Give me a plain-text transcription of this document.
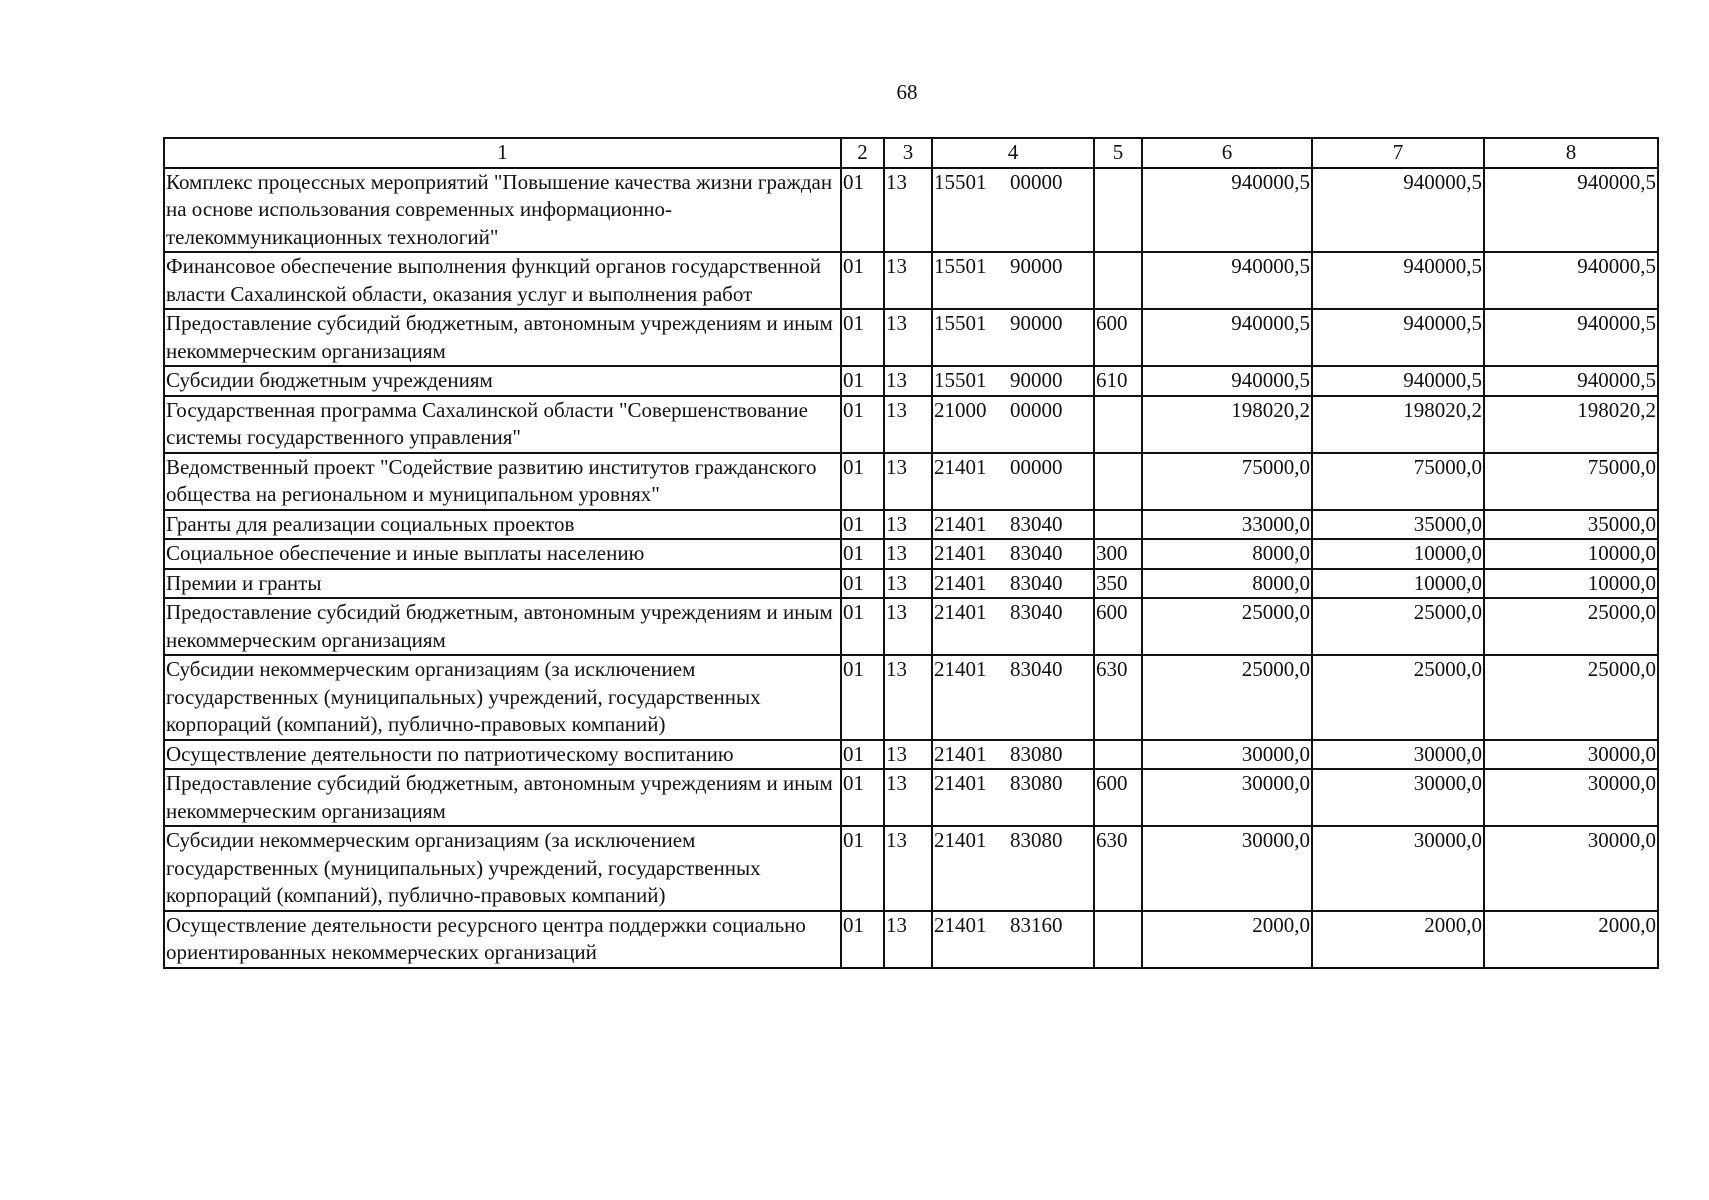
68
1	2	3	4	5	6	7	8
Комплекс процессных мероприятий "Повышение качества жизни граждан на основе использования современных информационно-телекоммуникационных технологий"	01	13	15501 00000		940000,5	940000,5	940000,5
Финансовое обеспечение выполнения функций органов государственной власти Сахалинской области, оказания услуг и выполнения работ	01	13	15501 90000		940000,5	940000,5	940000,5
Предоставление субсидий бюджетным, автономным учреждениям и иным некоммерческим организациям	01	13	15501 90000	600	940000,5	940000,5	940000,5
Субсидии бюджетным учреждениям	01	13	15501 90000	610	940000,5	940000,5	940000,5
Государственная программа Сахалинской области "Совершенствование системы государственного управления"	01	13	21000 00000		198020,2	198020,2	198020,2
Ведомственный проект "Содействие развитию институтов гражданского общества на региональном и муниципальном уровнях"	01	13	21401 00000		75000,0	75000,0	75000,0
Гранты для реализации социальных проектов	01	13	21401 83040		33000,0	35000,0	35000,0
Социальное обеспечение и иные выплаты населению	01	13	21401 83040	300	8000,0	10000,0	10000,0
Премии и гранты	01	13	21401 83040	350	8000,0	10000,0	10000,0
Предоставление субсидий бюджетным, автономным учреждениям и иным некоммерческим организациям	01	13	21401 83040	600	25000,0	25000,0	25000,0
Субсидии некоммерческим организациям (за исключением государственных (муниципальных) учреждений, государственных корпораций (компаний), публично-правовых компаний)	01	13	21401 83040	630	25000,0	25000,0	25000,0
Осуществление деятельности по патриотическому воспитанию	01	13	21401 83080		30000,0	30000,0	30000,0
Предоставление субсидий бюджетным, автономным учреждениям и иным некоммерческим организациям	01	13	21401 83080	600	30000,0	30000,0	30000,0
Субсидии некоммерческим организациям (за исключением государственных (муниципальных) учреждений, государственных корпораций (компаний), публично-правовых компаний)	01	13	21401 83080	630	30000,0	30000,0	30000,0
Осуществление деятельности ресурсного центра поддержки социально ориентированных некоммерческих организаций	01	13	21401 83160		2000,0	2000,0	2000,0
